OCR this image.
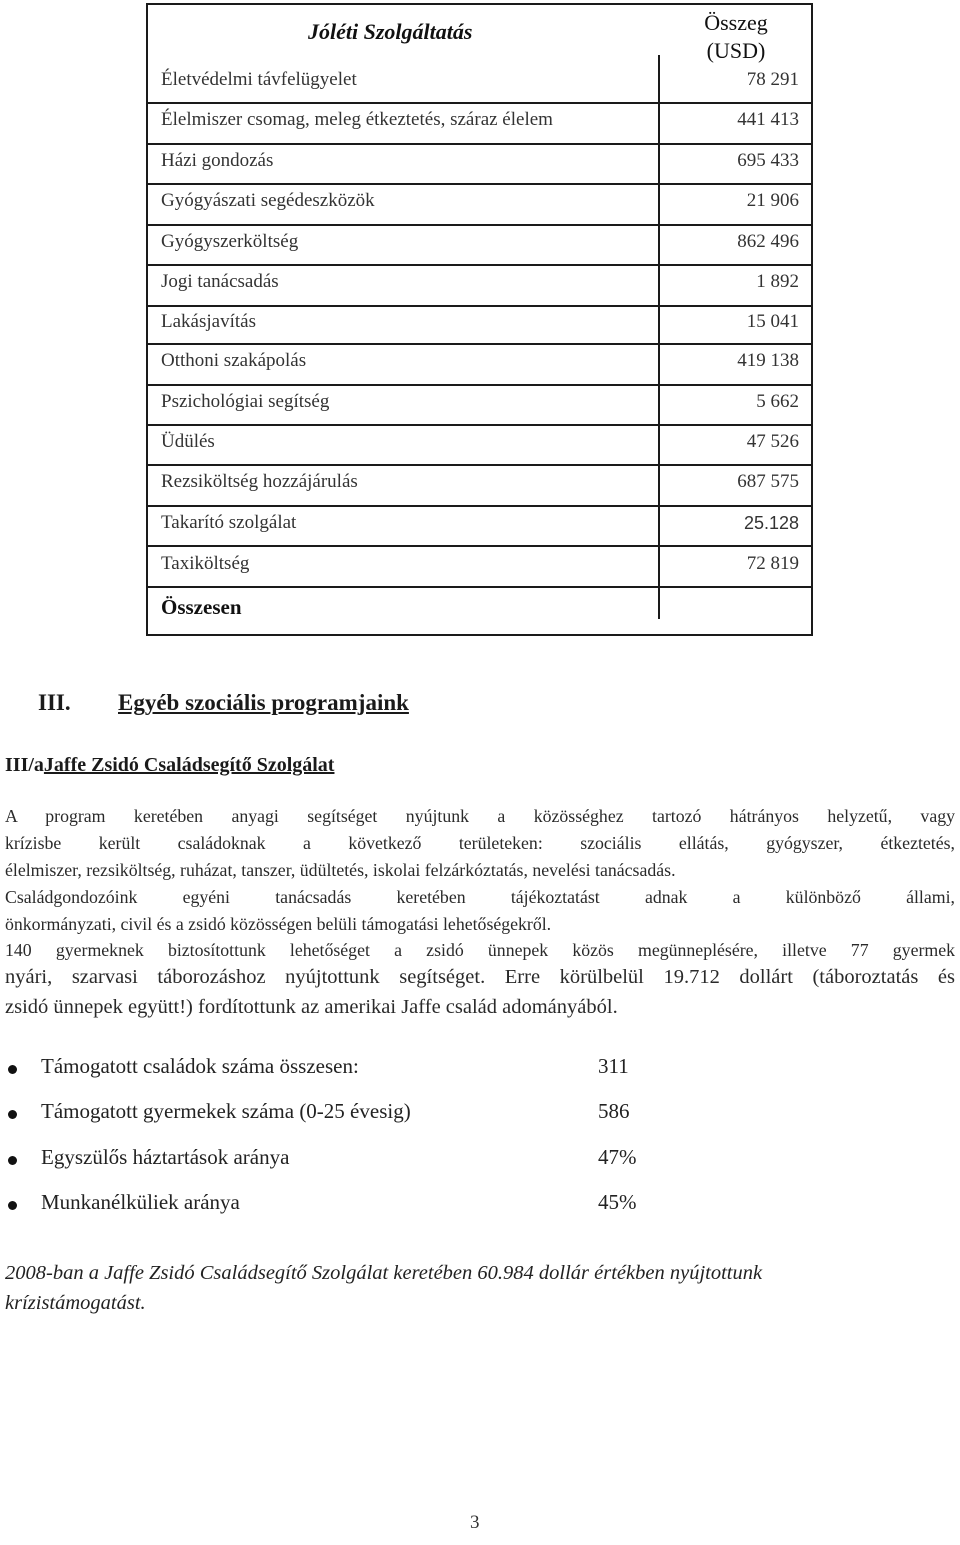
Jóléti Szolgáltatás	Összeg
(USD)
Életvédelmi távfelügyelet	78 291
Élelmiszer csomag, meleg étkeztetés, száraz élelem	441 413
Házi gondozás	695 433
Gyógyászati segédeszközök	21 906
Gyógyszerköltség	862 496
Jogi tanácsadás	1 892
Lakásjavítás	15 041
Otthoni szakápolás	419 138
Pszichológiai segítség	5 662
Üdülés	47 526
Rezsiköltség hozzájárulás	687 575
Takarító szolgálat	25.128
Taxiköltség	72 819
Összesen
III. Egyéb szociális programjaink
III/aJaffe Zsidó Családsegítő Szolgálat
A program keretében anyagi segítséget nyújtunk a közösséghez tartozó hátrányos helyzetű, vagy
krízisbe került családoknak a következő területeken: szociális ellátás, gyógyszer, étkeztetés,
élelmiszer, rezsiköltség, ruházat, tanszer, üdültetés, iskolai felzárkóztatás, nevelési tanácsadás.
Családgondozóink egyéni tanácsadás keretében tájékoztatást adnak a különböző állami,
önkormányzati, civil és a zsidó közösségen belüli támogatási lehetőségekről.
140 gyermeknek biztosítottunk lehetőséget a zsidó ünnepek közös megünneplésére, illetve 77 gyermek
nyári, szarvasi táborozáshoz nyújtottunk segítséget. Erre körülbelül 19.712 dollárt (táboroztatás és
zsidó ünnepek együtt!) fordítottunk az amerikai Jaffe család adományából.
Támogatott családok száma összesen:	311
Támogatott gyermekek száma (0-25 évesig)	586
Egyszülős háztartások aránya	47%
Munkanélküliek aránya	45%
2008-ban a Jaffe Zsidó Családsegítő Szolgálat keretében 60.984 dollár értékben nyújtottunk
krízistámogatást.
3
